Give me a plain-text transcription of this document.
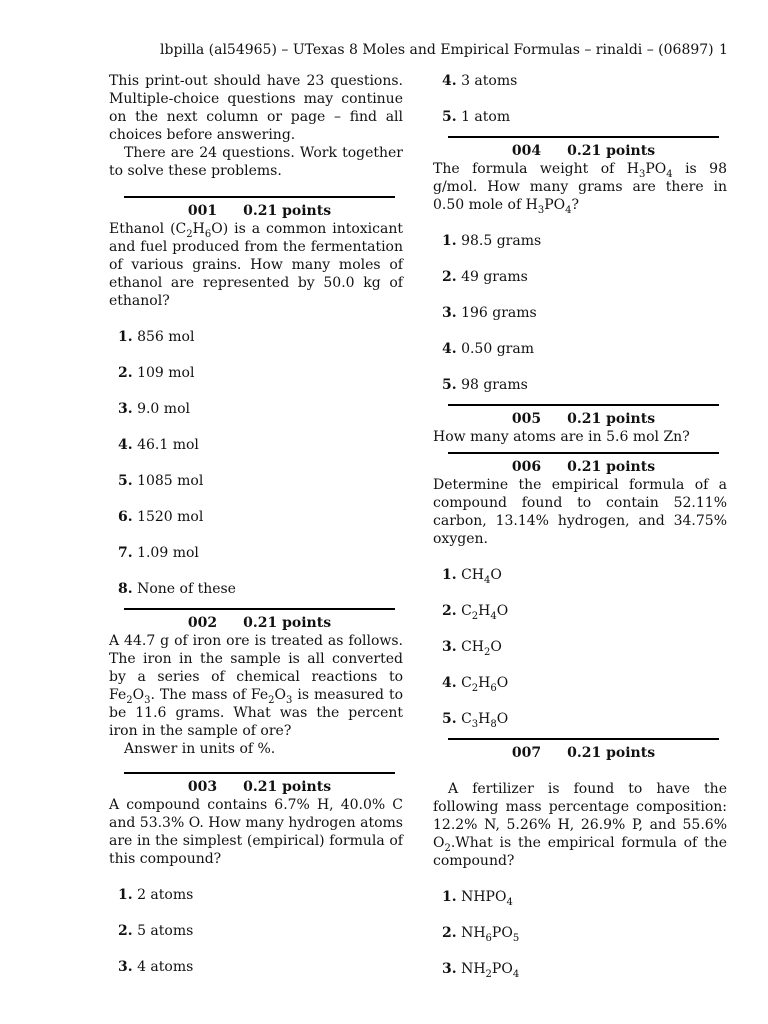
lbpilla (al54965) – UTexas 8 Moles and Empirical Formulas – rinaldi – (06897) 1

This print-out should have 23 questions. Multiple-choice questions may continue on the next column or page – find all choices before answering.

There are 24 questions. Work together to solve these problems.

001 0.21 points

Ethanol $(C_2H_6O)$ is a common intoxicant and fuel produced from the fermentation of various grains. How many moles of ethanol are represented by 50.0 kg of ethanol?

1. 856 mol
2. 109 mol
3. 9.0 mol
4. 46.1 mol
5. 1085 mol
6. 1520 mol
7. 1.09 mol
8. None of these
002 0.21 points

A 44.7 g of iron ore is treated as follows. The iron in the sample is all converted by a series of chemical reactions to $Fe_2O_3$. The mass of $Fe_2O_3$ is measured to be 11.6 grams. What was the percent iron in the sample of ore?

Answer in units of %.

003 0.21 points

A compound contains 6.7% H, 40.0% C and 53.3% O. How many hydrogen atoms are in the simplest (empirical) formula of this compound?

1. 2 atoms
2. 5 atoms
3. 4 atoms
4. 3 atoms
5. 1 atom
004 0.21 points

The formula weight of $H_3PO_4$ is 98 g/mol. How many grams are there in 0.50 mole of $H_3PO_4$?

1. 98.5 grams
2. 49 grams
3. 196 grams
4. 0.50 gram
5. 98 grams
005 0.21 points

How many atoms are in 5.6 mol Zn?

006 0.21 points

Determine the empirical formula of a compound found to contain 52.11% carbon, 13.14% hydrogen, and 34.75% oxygen.

1. $CH_4O$
2. $C_2H_4O$
3. $CH_2O$
4. $C_2H_6O$
5. $C_3H_8O$
007 0.21 points

A fertilizer is found to have the following mass percentage composition: 12.2% N, 5.26% H, 26.9% P, and 55.6% $O_2.What$ is the empirical formula of the compound?

1. $NHPO_4$
2. $NH_6PO_5$
3. $NH_2PO_4$
